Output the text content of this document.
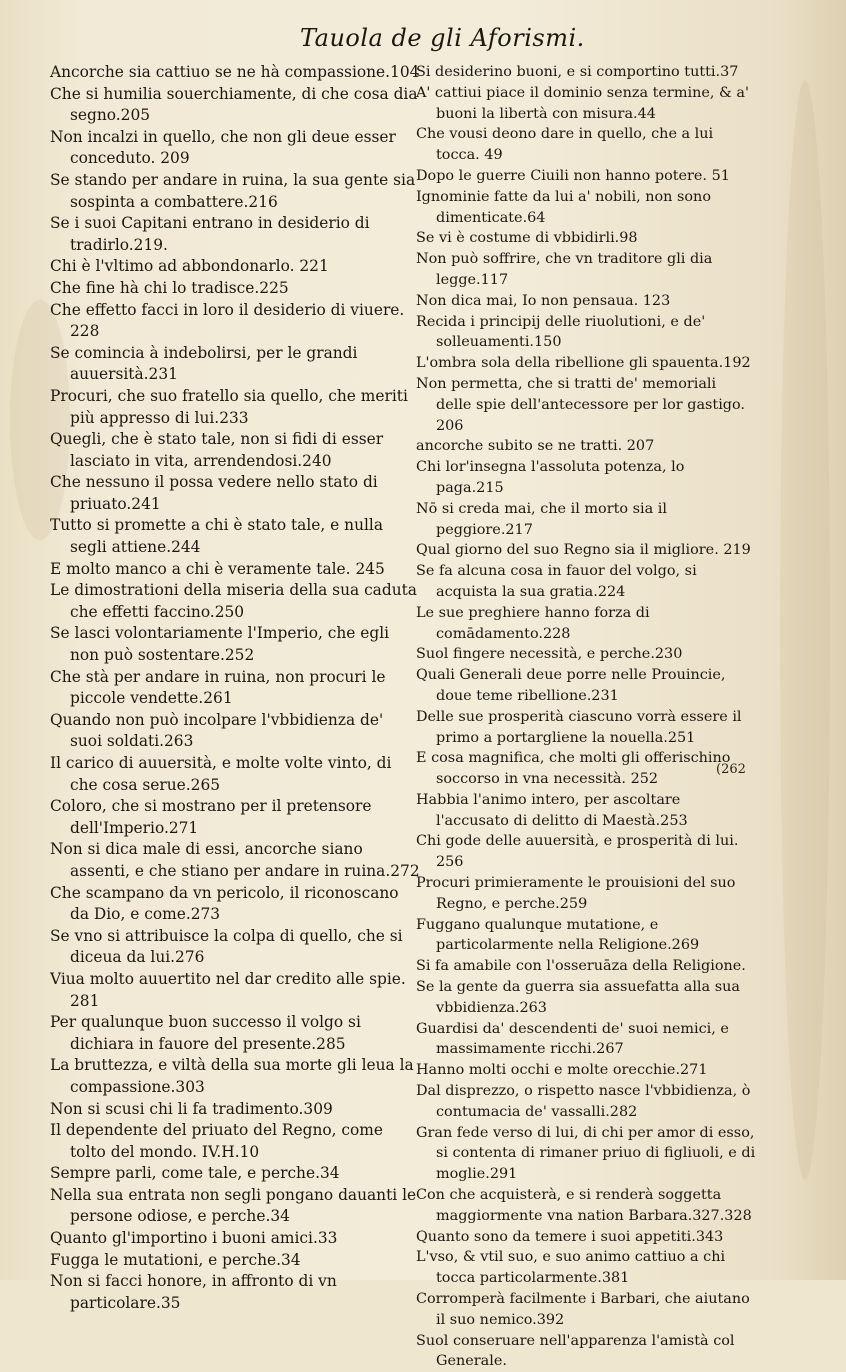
Tauola de gli Aforismi.

Ancorche sia cattiuo se ne hà compassione.104

Che si humilia souerchiamente, di che cosa dia segno.205

Non incalzi in quello, che non gli deue esser conceduto. 209

Se stando per andare in ruina, la sua gente sia sospinta a combattere.216

Se i suoi Capitani entrano in desiderio di tradirlo.219.

Chi è l'vltimo ad abbondonarlo. 221

Che fine hà chi lo tradisce.225

Che effetto facci in loro il desiderio di viuere. 228

Se comincia à indebolirsi, per le grandi auuersità.231

Procuri, che suo fratello sia quello, che meriti più appresso di lui.233

Quegli, che è stato tale, non si fidi di esser lasciato in vita, arrendendosi.240

Che nessuno il possa vedere nello stato di priuato.241

Tutto si promette a chi è stato tale, e nulla segli attiene.244

E molto manco a chi è veramente tale. 245

Le dimostrationi della miseria della sua caduta che effetti faccino.250

Se lasci volontariamente l'Imperio, che egli non può sostentare.252

Che stà per andare in ruina, non procuri le piccole vendette.261

Quando non può incolpare l'vbbidienza de' suoi soldati.263

Il carico di auuersità, e molte volte vinto, di che cosa serue.265

Coloro, che si mostrano per il pretensore dell'Imperio.271

Non si dica male di essi, ancorche siano assenti, e che stiano per andare in ruina.272

Che scampano da vn pericolo, il riconoscano da Dio, e come.273

Se vno si attribuisce la colpa di quello, che si diceua da lui.276

Viua molto auuertito nel dar credito alle spie. 281

Per qualunque buon successo il volgo si dichiara in fauore del presente.285

La bruttezza, e viltà della sua morte gli leua la compassione.303

Non si scusi chi li fa tradimento.309

Il dependente del priuato del Regno, come tolto del mondo. IV.H.10

Sempre parli, come tale, e perche.34

Nella sua entrata non segli pongano dauanti le persone odiose, e perche.34

Quanto gl'importino i buoni amici.33

Fugga le mutationi, e perche.34

Non si facci honore, in affronto di vn particolare.35

Si desiderino buoni, e si comportino tutti.37

A' cattiui piace il dominio senza termine, & a' buoni la libertà con misura.44

Che vousi deono dare in quello, che a lui tocca. 49

Dopo le guerre Ciuili non hanno potere. 51

Ignominie fatte da lui a' nobili, non sono dimenticate.64

Se vi è costume di vbbidirli.98

Non può soffrire, che vn traditore gli dia legge.117

Non dica mai, Io non pensaua. 123

Recida i principij delle riuolutioni, e de' solleuamenti.150

L'ombra sola della ribellione gli spauenta.192

Non permetta, che si tratti de' memoriali delle spie dell'antecessore per lor gastigo. 206

ancorche subito se ne tratti. 207

Chi lor'insegna l'assoluta potenza, lo paga.215

Nō si creda mai, che il morto sia il peggiore.217

Qual giorno del suo Regno sia il migliore. 219

Se fa alcuna cosa in fauor del volgo, si acquista la sua gratia.224

Le sue preghiere hanno forza di comādamento.228

Suol fingere necessità, e perche.230

Quali Generali deue porre nelle Prouincie, doue teme ribellione.231

Delle sue prosperità ciascuno vorrà essere il primo a portargliene la nouella.251

E cosa magnifica, che molti gli offerischino soccorso in vna necessità. 252

Habbia l'animo intero, per ascoltare l'accusato di delitto di Maestà.253

Chi gode delle auuersità, e prosperità di lui. 256

Procuri primieramente le prouisioni del suo Regno, e perche.259

Fuggano qualunque mutatione, e particolarmente nella Religione.269

Si fa amabile con l'osseruāza della Religione.

Se la gente da guerra sia assuefatta alla sua vbbidienza.263

Guardisi da' descendenti de' suoi nemici, e massimamente ricchi.267

Hanno molti occhi e molte orecchie.271

Dal disprezzo, o rispetto nasce l'vbbidienza, ò contumacia de' vassalli.282

Gran fede verso di lui, di chi per amor di esso, si contenta di rimaner priuo di figliuoli, e di moglie.291

Con che acquisterà, e si renderà soggetta maggiormente vna nation Barbara.327.328

Quanto sono da temere i suoi appetiti.343

L'vso, & vtil suo, e suo animo cattiuo a chi tocca particolarmente.381

Corromperà facilmente i Barbari, che aiutano il suo nemico.392

Suol conseruare nell'apparenza l'amistà col Generale.

(262
